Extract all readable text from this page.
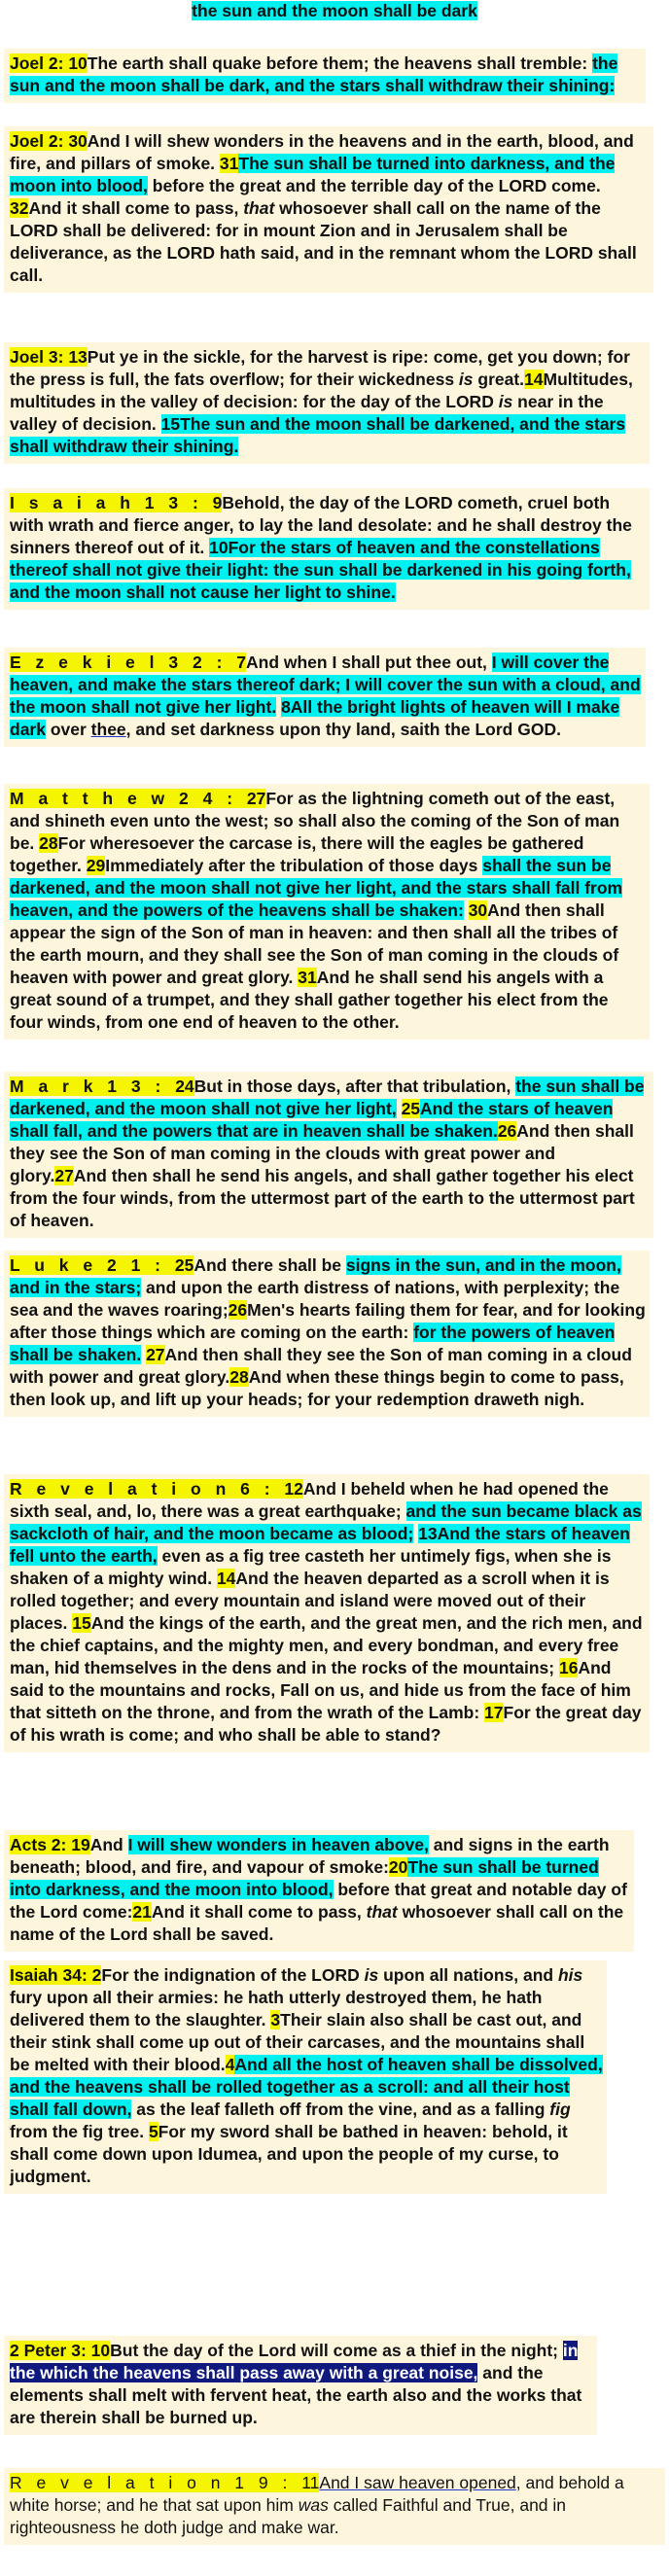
the sun and the moon shall be dark
Joel 2: 10The earth shall quake before them; the heavens shall tremble: the sun and the moon shall be dark, and the stars shall withdraw their shining:
Joel 2: 30And I will shew wonders in the heavens and in the earth, blood, and fire, and pillars of smoke. 31The sun shall be turned into darkness, and the moon into blood, before the great and the terrible day of the LORD come. 32And it shall come to pass, that whosoever shall call on the name of the LORD shall be delivered: for in mount Zion and in Jerusalem shall be deliverance, as the LORD hath said, and in the remnant whom the LORD shall call.
Joel 3: 13Put ye in the sickle, for the harvest is ripe: come, get you down; for the press is full, the fats overflow; for their wickedness is great.14Multitudes, multitudes in the valley of decision: for the day of the LORD is near in the valley of decision. 15The sun and the moon shall be darkened, and the stars shall withdraw their shining.
I s a i a h 1 3 : 9Behold, the day of the LORD cometh, cruel both with wrath and fierce anger, to lay the land desolate: and he shall destroy the sinners thereof out of it. 10For the stars of heaven and the constellations thereof shall not give their light: the sun shall be darkened in his going forth, and the moon shall not cause her light to shine.
E z e k i e l 3 2 : 7And when I shall put thee out, I will cover the heaven, and make the stars thereof dark; I will cover the sun with a cloud, and the moon shall not give her light. 8All the bright lights of heaven will I make dark over thee, and set darkness upon thy land, saith the Lord GOD.
M a t t h e w 2 4 : 27For as the lightning cometh out of the east, and shineth even unto the west; so shall also the coming of the Son of man be. 28For wheresoever the carcase is, there will the eagles be gathered together. 29Immediately after the tribulation of those days shall the sun be darkened, and the moon shall not give her light, and the stars shall fall from heaven, and the powers of the heavens shall be shaken: 30And then shall appear the sign of the Son of man in heaven: and then shall all the tribes of the earth mourn, and they shall see the Son of man coming in the clouds of heaven with power and great glory. 31And he shall send his angels with a great sound of a trumpet, and they shall gather together his elect from the four winds, from one end of heaven to the other.
M a r k 1 3 : 24But in those days, after that tribulation, the sun shall be darkened, and the moon shall not give her light, 25And the stars of heaven shall fall, and the powers that are in heaven shall be shaken.26And then shall they see the Son of man coming in the clouds with great power and glory.27And then shall he send his angels, and shall gather together his elect from the four winds, from the uttermost part of the earth to the uttermost part of heaven.
L u k e 2 1 : 25And there shall be signs in the sun, and in the moon, and in the stars; and upon the earth distress of nations, with perplexity; the sea and the waves roaring;26Men's hearts failing them for fear, and for looking after those things which are coming on the earth: for the powers of heaven shall be shaken. 27And then shall they see the Son of man coming in a cloud with power and great glory.28And when these things begin to come to pass, then look up, and lift up your heads; for your redemption draweth nigh.
R e v e l a t i o n 6 : 12And I beheld when he had opened the sixth seal, and, lo, there was a great earthquake; and the sun became black as sackcloth of hair, and the moon became as blood; 13And the stars of heaven fell unto the earth, even as a fig tree casteth her untimely figs, when she is shaken of a mighty wind. 14And the heaven departed as a scroll when it is rolled together; and every mountain and island were moved out of their places. 15And the kings of the earth, and the great men, and the rich men, and the chief captains, and the mighty men, and every bondman, and every free man, hid themselves in the dens and in the rocks of the mountains; 16And said to the mountains and rocks, Fall on us, and hide us from the face of him that sitteth on the throne, and from the wrath of the Lamb: 17For the great day of his wrath is come; and who shall be able to stand?
Acts 2: 19And I will shew wonders in heaven above, and signs in the earth beneath; blood, and fire, and vapour of smoke:20The sun shall be turned into darkness, and the moon into blood, before that great and notable day of the Lord come:21And it shall come to pass, that whosoever shall call on the name of the Lord shall be saved.
Isaiah 34: 2For the indignation of the LORD is upon all nations, and his fury upon all their armies: he hath utterly destroyed them, he hath delivered them to the slaughter. 3Their slain also shall be cast out, and their stink shall come up out of their carcases, and the mountains shall be melted with their blood.4And all the host of heaven shall be dissolved, and the heavens shall be rolled together as a scroll: and all their host shall fall down, as the leaf falleth off from the vine, and as a falling fig from the fig tree. 5For my sword shall be bathed in heaven: behold, it shall come down upon Idumea, and upon the people of my curse, to judgment.
2 Peter 3: 10But the day of the Lord will come as a thief in the night; in the which the heavens shall pass away with a great noise, and the elements shall melt with fervent heat, the earth also and the works that are therein shall be burned up.
R e v e l a t i o n 1 9 : 11And I saw heaven opened, and behold a white horse; and he that sat upon him was called Faithful and True, and in righteousness he doth judge and make war.
